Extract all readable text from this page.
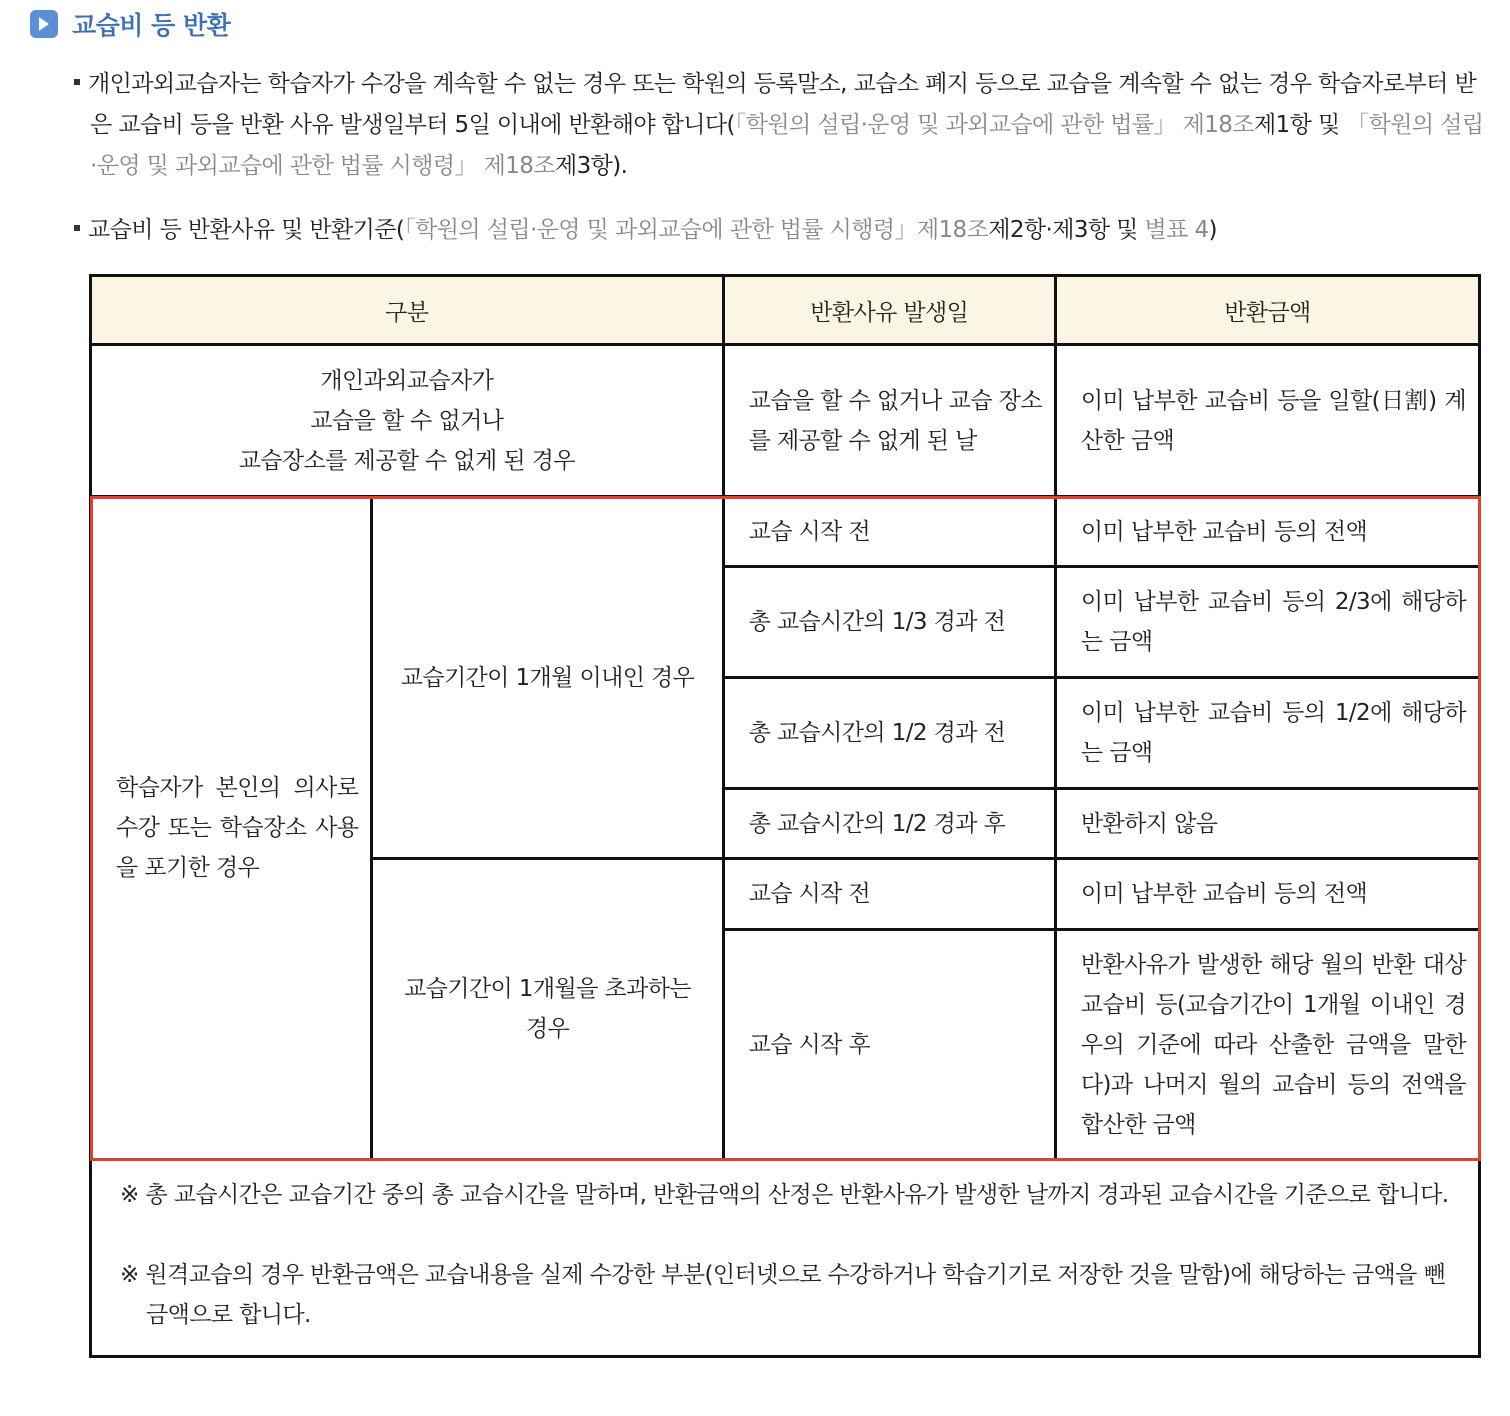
교습비 등 반환
개인과외교습자는 학습자가 수강을 계속할 수 없는 경우 또는 학원의 등록말소, 교습소 폐지 등으로 교습을 계속할 수 없는 경우 학습자로부터 받은 교습비 등을 반환 사유 발생일부터 5일 이내에 반환해야 합니다(「학원의 설립·운영 및 과외교습에 관한 법률」 제18조제1항 및 「학원의 설립·운영 및 과외교습에 관한 법률 시행령」 제18조제3항).
교습비 등 반환사유 및 반환기준(「학원의 설립·운영 및 과외교습에 관한 법률 시행령」제18조제2항·제3항 및 별표 4)
구분		반환사유 발생일	반환금액

개인과외교습자가
교습을 할 수 없거나
교습장소를 제공할 수 없게 된 경우		교습을 할 수 없거나 교습 장소를 제공할 수 없게 된 날	이미 납부한 교습비 등을 일할(日割) 계산한 금액
학습자가 본인의 의사로 수강 또는 학습장소 사용을 포기한 경우	교습기간이 1개월 이내인 경우	교습 시작 전	이미 납부한 교습비 등의 전액
		총 교습시간의 1/3 경과 전	이미 납부한 교습비 등의 2/3에 해당하는 금액
		총 교습시간의 1/2 경과 전	이미 납부한 교습비 등의 1/2에 해당하는 금액
		총 교습시간의 1/2 경과 후	반환하지 않음
	교습기간이 1개월을 초과하는 경우	교습 시작 전	이미 납부한 교습비 등의 전액
		교습 시작 후	반환사유가 발생한 해당 월의 반환 대상 교습비 등(교습기간이 1개월 이내인 경우의 기준에 따라 산출한 금액을 말한다)과 나머지 월의 교습비 등의 전액을 합산한 금액

※ 총 교습시간은 교습기간 중의 총 교습시간을 말하며, 반환금액의 산정은 반환사유가 발생한 날까지 경과된 교습시간을 기준으로 합니다.

※ 원격교습의 경우 반환금액은 교습내용을 실제 수강한 부분(인터넷으로 수강하거나 학습기기로 저장한 것을 말함)에 해당하는 금액을 뺀 금액으로 합니다.			
